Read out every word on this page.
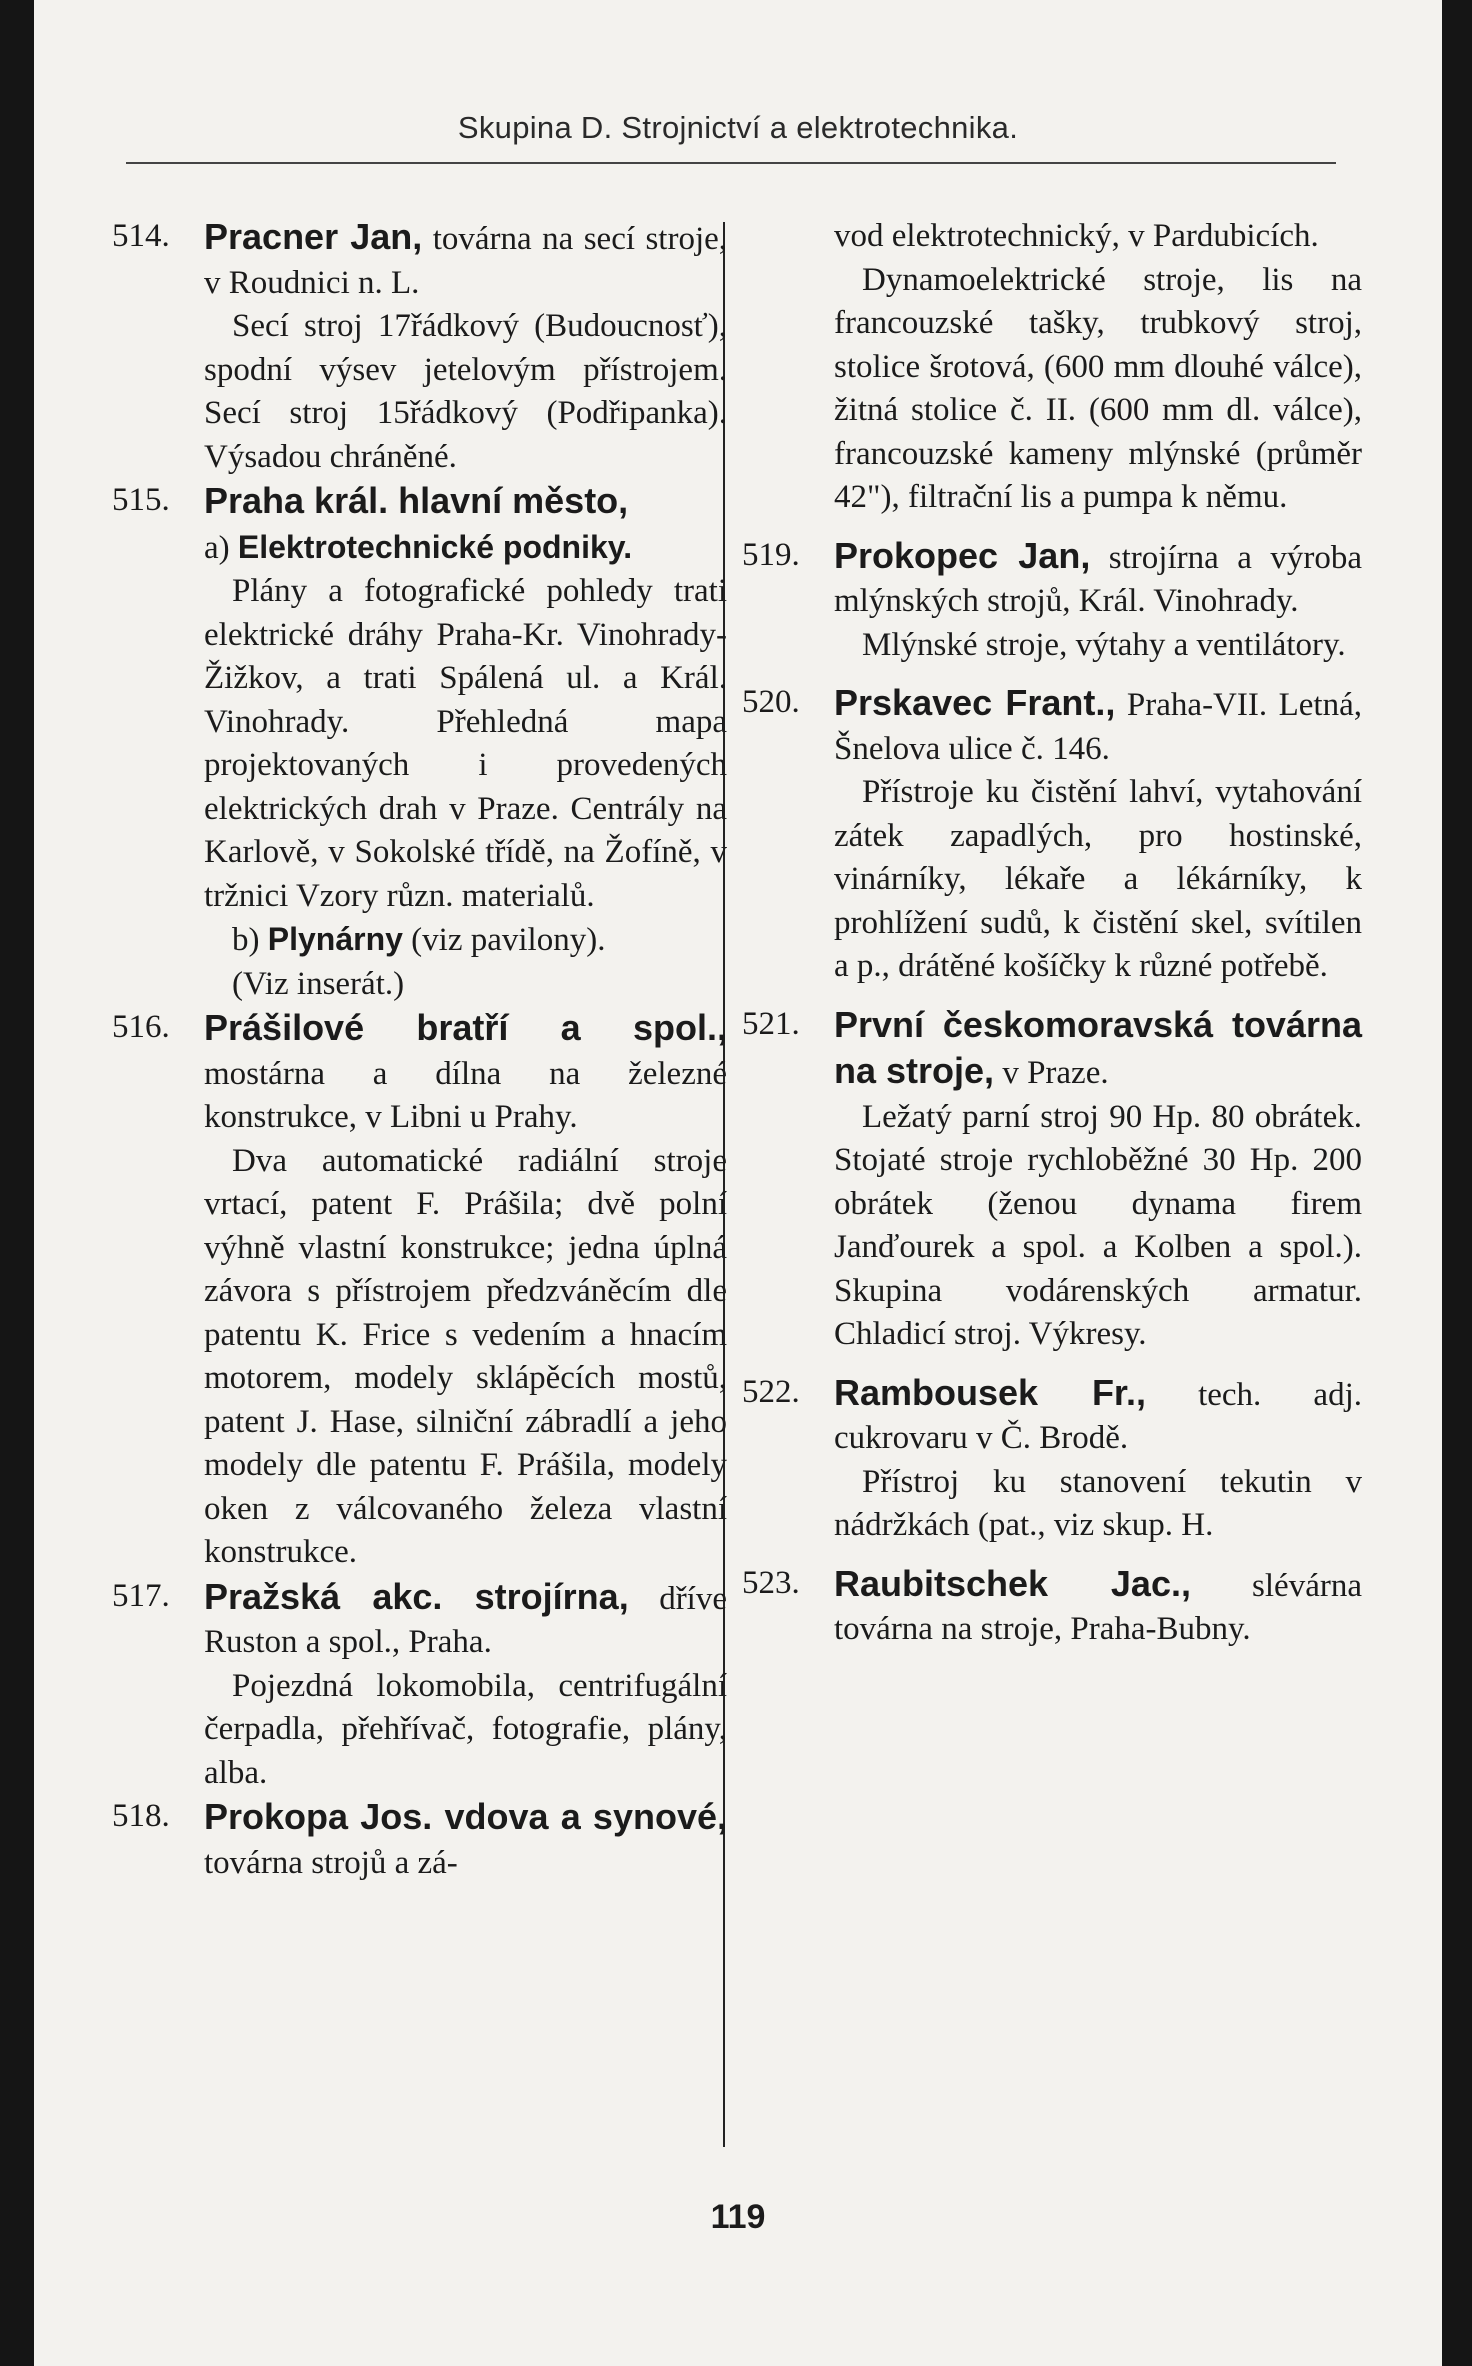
Skupina D. Strojnictví a elektrotechnika.
514. Pracner Jan, továrna na secí stroje, v Roudnici n. L.

Secí stroj 17řádkový (Budoucnosť), spodní výsev jetelovým přístrojem. Secí stroj 15řádkový (Podřipanka). Výsadou chráněné.

515. Praha král. hlavní město,

a) Elektrotechnické podniky.

Plány a fotografické pohledy trati elektrické dráhy Praha-Kr. Vinohrady-Žižkov, a trati Spálená ul. a Král. Vinohrady. Přehledná mapa projektovaných i provedených elektrických drah v Praze. Centrály na Karlově, v Sokolské třídě, na Žofíně, v tržnici Vzory různ. materialů.

b) Plynárny (viz pavilony).

(Viz inserát.)

516. Prášilové bratří a spol., mostárna a dílna na železné konstrukce, v Libni u Prahy.

Dva automatické radiální stroje vrtací, patent F. Prášila; dvě polní výhně vlastní konstrukce; jedna úplná závora s přístrojem předzváněcím dle patentu K. Frice s vedením a hnacím motorem, modely sklápěcích mostů, patent J. Hase, silniční zábradlí a jeho modely dle patentu F. Prášila, modely oken z válcovaného železa vlastní konstrukce.

517. Pražská akc. strojírna, dříve Ruston a spol., Praha.

Pojezdná lokomobila, centrifugální čerpadla, přehřívač, fotografie, plány, alba.

518. Prokopa Jos. vdova a synové, továrna strojů a zá-

vod elektrotechnický, v Pardubicích.

Dynamoelektrické stroje, lis na francouzské tašky, trubkový stroj, stolice šrotová, (600 mm dlouhé válce), žitná stolice č. II. (600 mm dl. válce), francouzské kameny mlýnské (průměr 42"), filtrační lis a pumpa k němu.

519. Prokopec Jan, strojírna a výroba mlýnských strojů, Král. Vinohrady.

Mlýnské stroje, výtahy a ventilátory.

520. Prskavec Frant., Praha-VII. Letná, Šnelova ulice č. 146.

Přístroje ku čistění lahví, vytahování zátek zapadlých, pro hostinské, vinárníky, lékaře a lékárníky, k prohlížení sudů, k čistění skel, svítilen a p., drátěné košíčky k různé potřebě.

521. První českomoravská továrna na stroje, v Praze.

Ležatý parní stroj 90 Hp. 80 obrátek. Stojaté stroje rychloběžné 30 Hp. 200 obrátek (ženou dynama firem Janďourek a spol. a Kolben a spol.). Skupina vodárenských armatur. Chladicí stroj. Výkresy.

522. Rambousek Fr., tech. adj. cukrovaru v Č. Brodě.

Přístroj ku stanovení tekutin v nádržkách (pat., viz skup. H.

523. Raubitschek Jac., slévárna továrna na stroje, Praha-Bubny.

119
